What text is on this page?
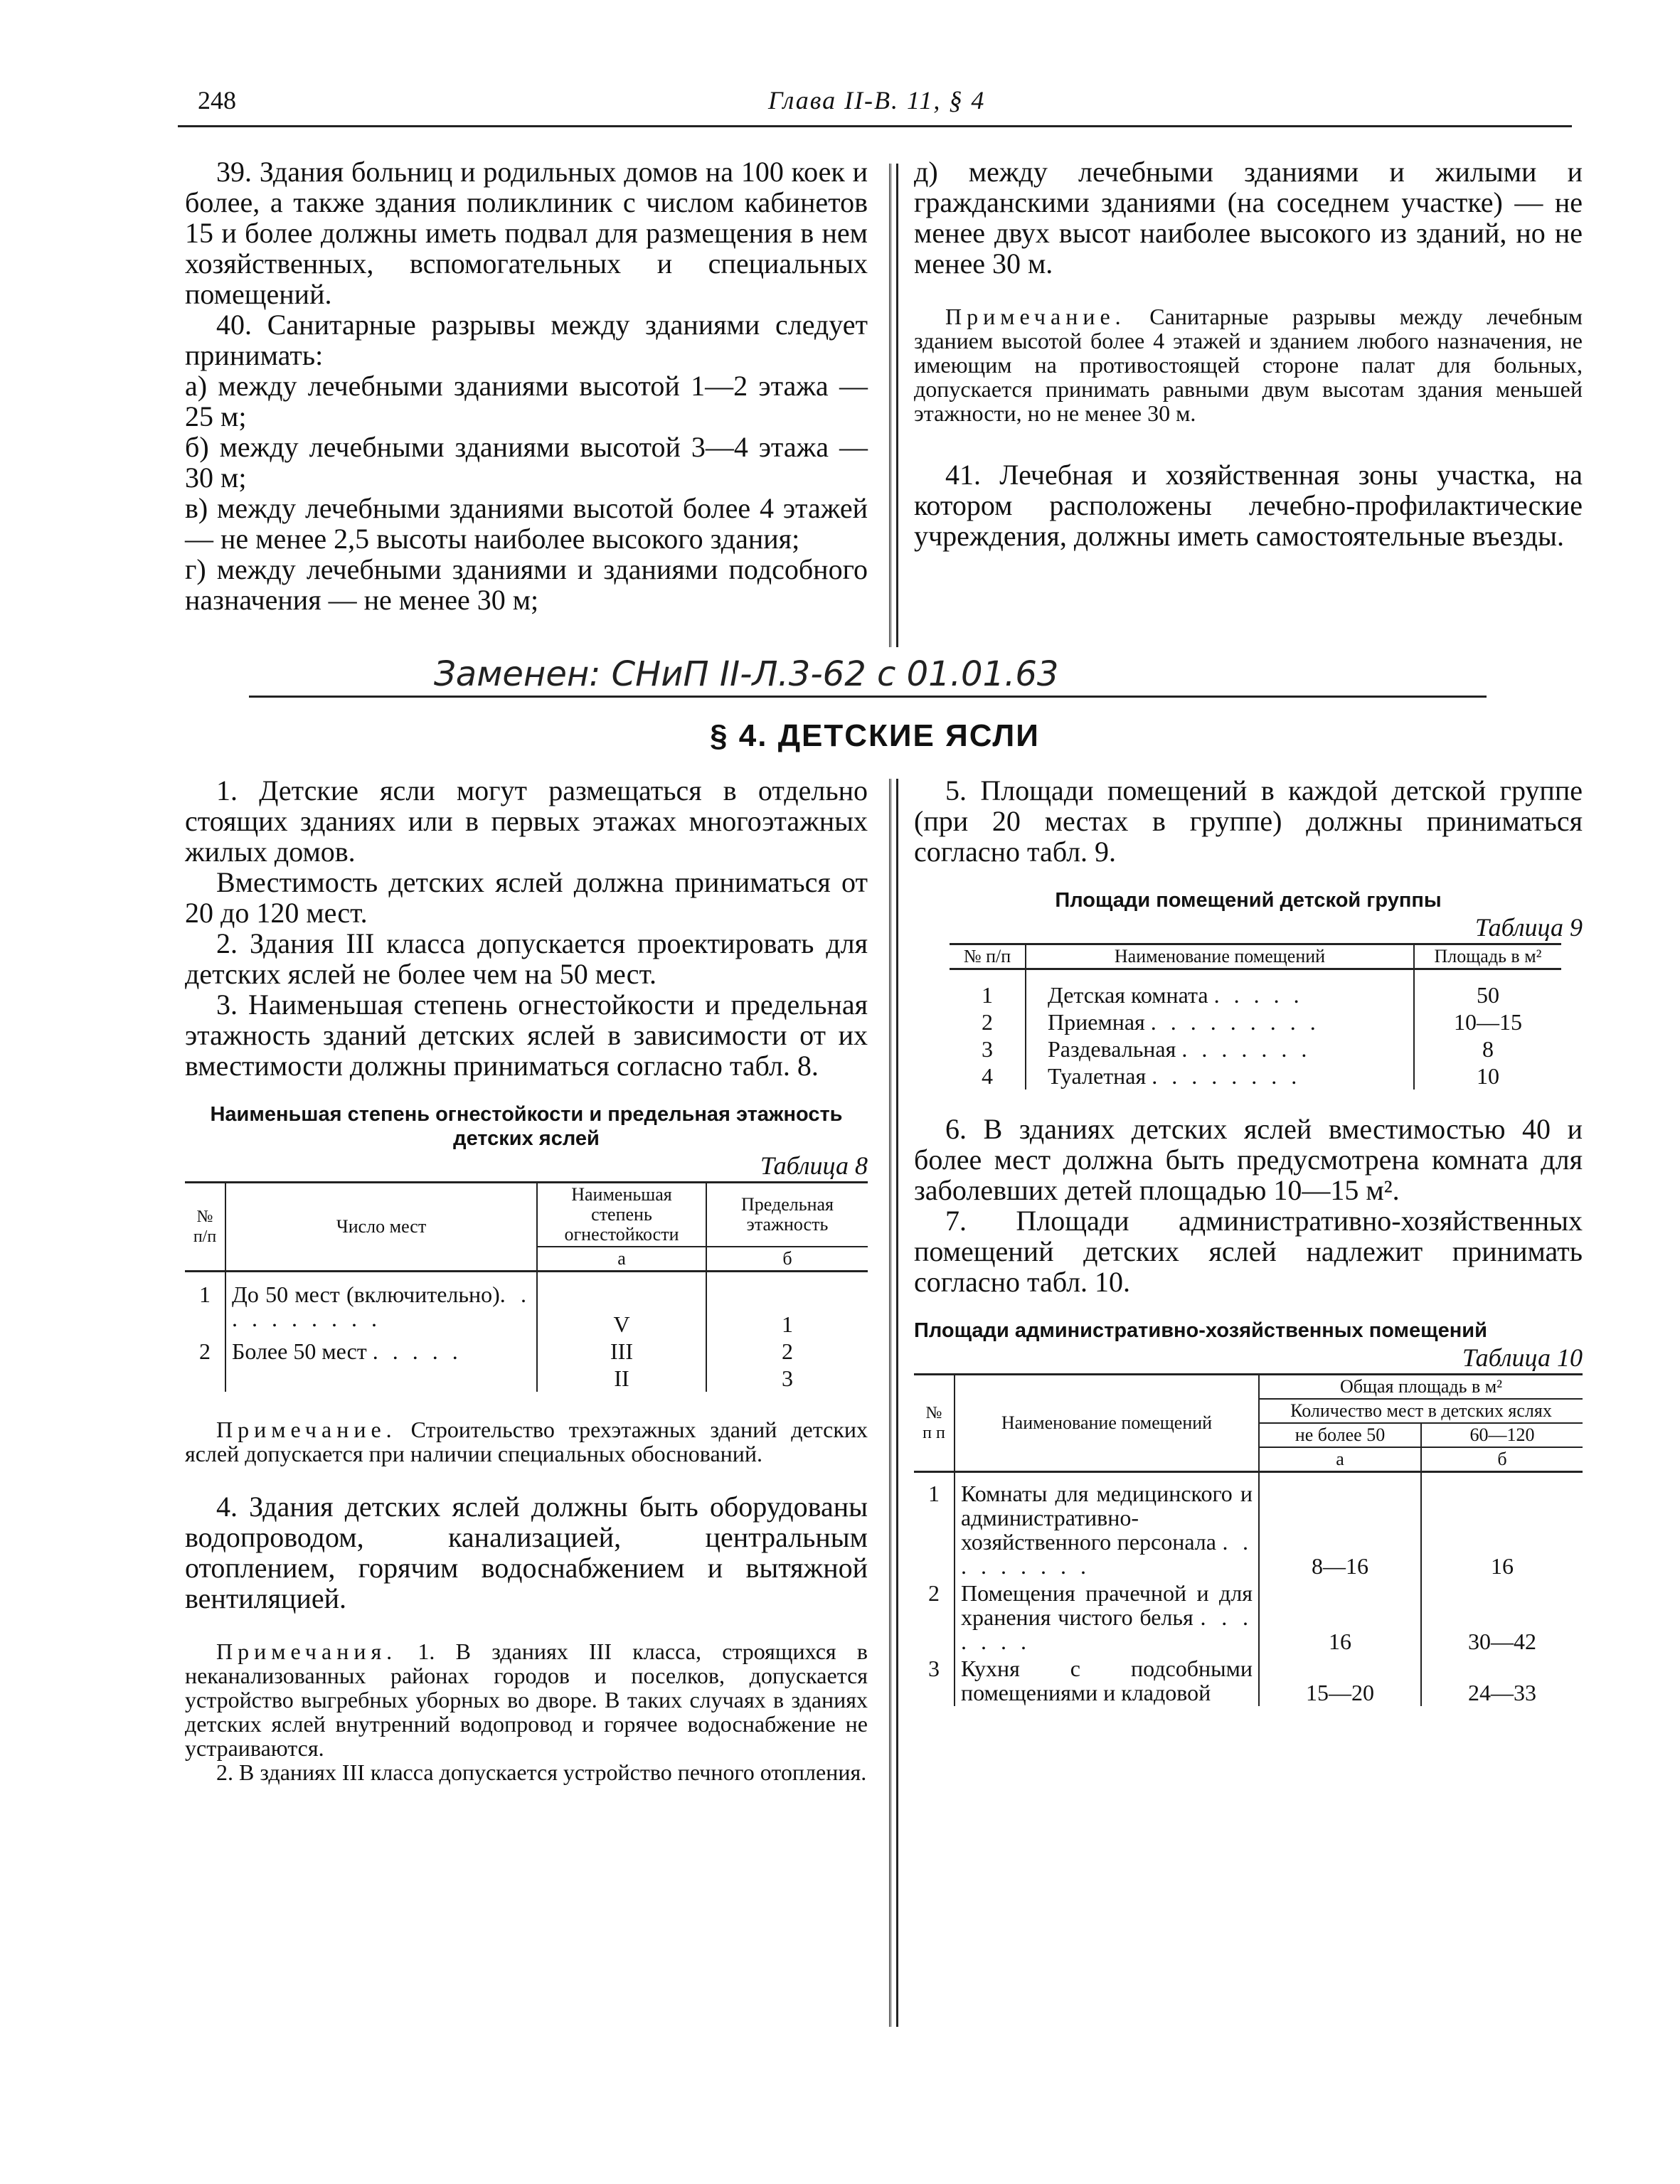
248	Глава II-В. 11, § 4

39. Здания больниц и родильных домов на 100 коек и более, а также здания поликлиник с числом кабинетов 15 и более должны иметь подвал для размещения в нем хозяйственных, вспомогательных и специальных помещений.

40. Санитарные разрывы между зданиями следует принимать:

а) между лечебными зданиями высотой 1—2 этажа — 25 м;

б) между лечебными зданиями высотой 3—4 этажа — 30 м;

в) между лечебными зданиями высотой более 4 этажей — не менее 2,5 высоты наиболее высокого здания;

г) между лечебными зданиями и зданиями подсобного назначения — не менее 30 м;

д) между лечебными зданиями и жилыми и гражданскими зданиями (на соседнем участке) — не менее двух высот наиболее высокого из зданий, но не менее 30 м.

Примечание. Санитарные разрывы между лечебным зданием высотой более 4 этажей и зданием любого назначения, не имеющим на противостоящей стороне палат для больных, допускается принимать равными двум высотам здания меньшей этажности, но не менее 30 м.

41. Лечебная и хозяйственная зоны участка, на котором расположены лечебно-профилактические учреждения, должны иметь самостоятельные въезды.

Заменен: СНиП II-Л.3-62 с 01.01.63
§ 4. ДЕТСКИЕ ЯСЛИ

1. Детские ясли могут размещаться в отдельно стоящих зданиях или в первых этажах многоэтажных жилых домов.

Вместимость детских яслей должна приниматься от 20 до 120 мест.

2. Здания III класса допускается проектировать для детских яслей не более чем на 50 мест.

3. Наименьшая степень огнестойкости и предельная этажность зданий детских яслей в зависимости от их вместимости должны приниматься согласно табл. 8.

Наименьшая степень огнестойкости и предельная этажность детских яслей

Таблица 8

№ п/п	Число мест	Наименьшая степень огнестойкости	Предельная этажность
		а	б
1	До 50 мест (включительно). . . . . . . . . .	V	1
2	Более 50 мест . . . . .	III	2
		II	3

Примечание. Строительство трехэтажных зданий детских яслей допускается при наличии специальных обоснований.

4. Здания детских яслей должны быть оборудованы водопроводом, канализацией, центральным отоплением, горячим водоснабжением и вытяжной вентиляцией.

Примечания. 1. В зданиях III класса, строящихся в неканализованных районах городов и поселков, допускается устройство выгребных уборных во дворе. В таких случаях в зданиях детских яслей внутренний водопровод и горячее водоснабжение не устраиваются.

2. В зданиях III класса допускается устройство печного отопления.

5. Площади помещений в каждой детской группе (при 20 местах в группе) должны приниматься согласно табл. 9.

Площади помещений детской группы

Таблица 9

№ п/п	Наименование помещений	Площадь в м²
1	Детская комната . . . . .	50
2	Приемная . . . . . . . . .	10—15
3	Раздевальная . . . . . . .	8
4	Туалетная . . . . . . . .	10

6. В зданиях детских яслей вместимостью 40 и более мест должна быть предусмотрена комната для заболевших детей площадью 10—15 м².

7. Площади административно-хозяйственных помещений детских яслей надлежит принимать согласно табл. 10.

Площади административно-хозяйственных помещений

Таблица 10

№ п п	Наименование помещений	Общая площадь в м²	
		Количество мест в детских яслях	
		не более 50	60—120
		а	б
1	Комнаты для медицинского и административно-хозяйственного персонала . . . . . . . . .	8—16	16
2	Помещения прачечной и для хранения чистого белья . . . . . . .	16	30—42
3	Кухня с подсобными помещениями и кладовой	15—20	24—33
